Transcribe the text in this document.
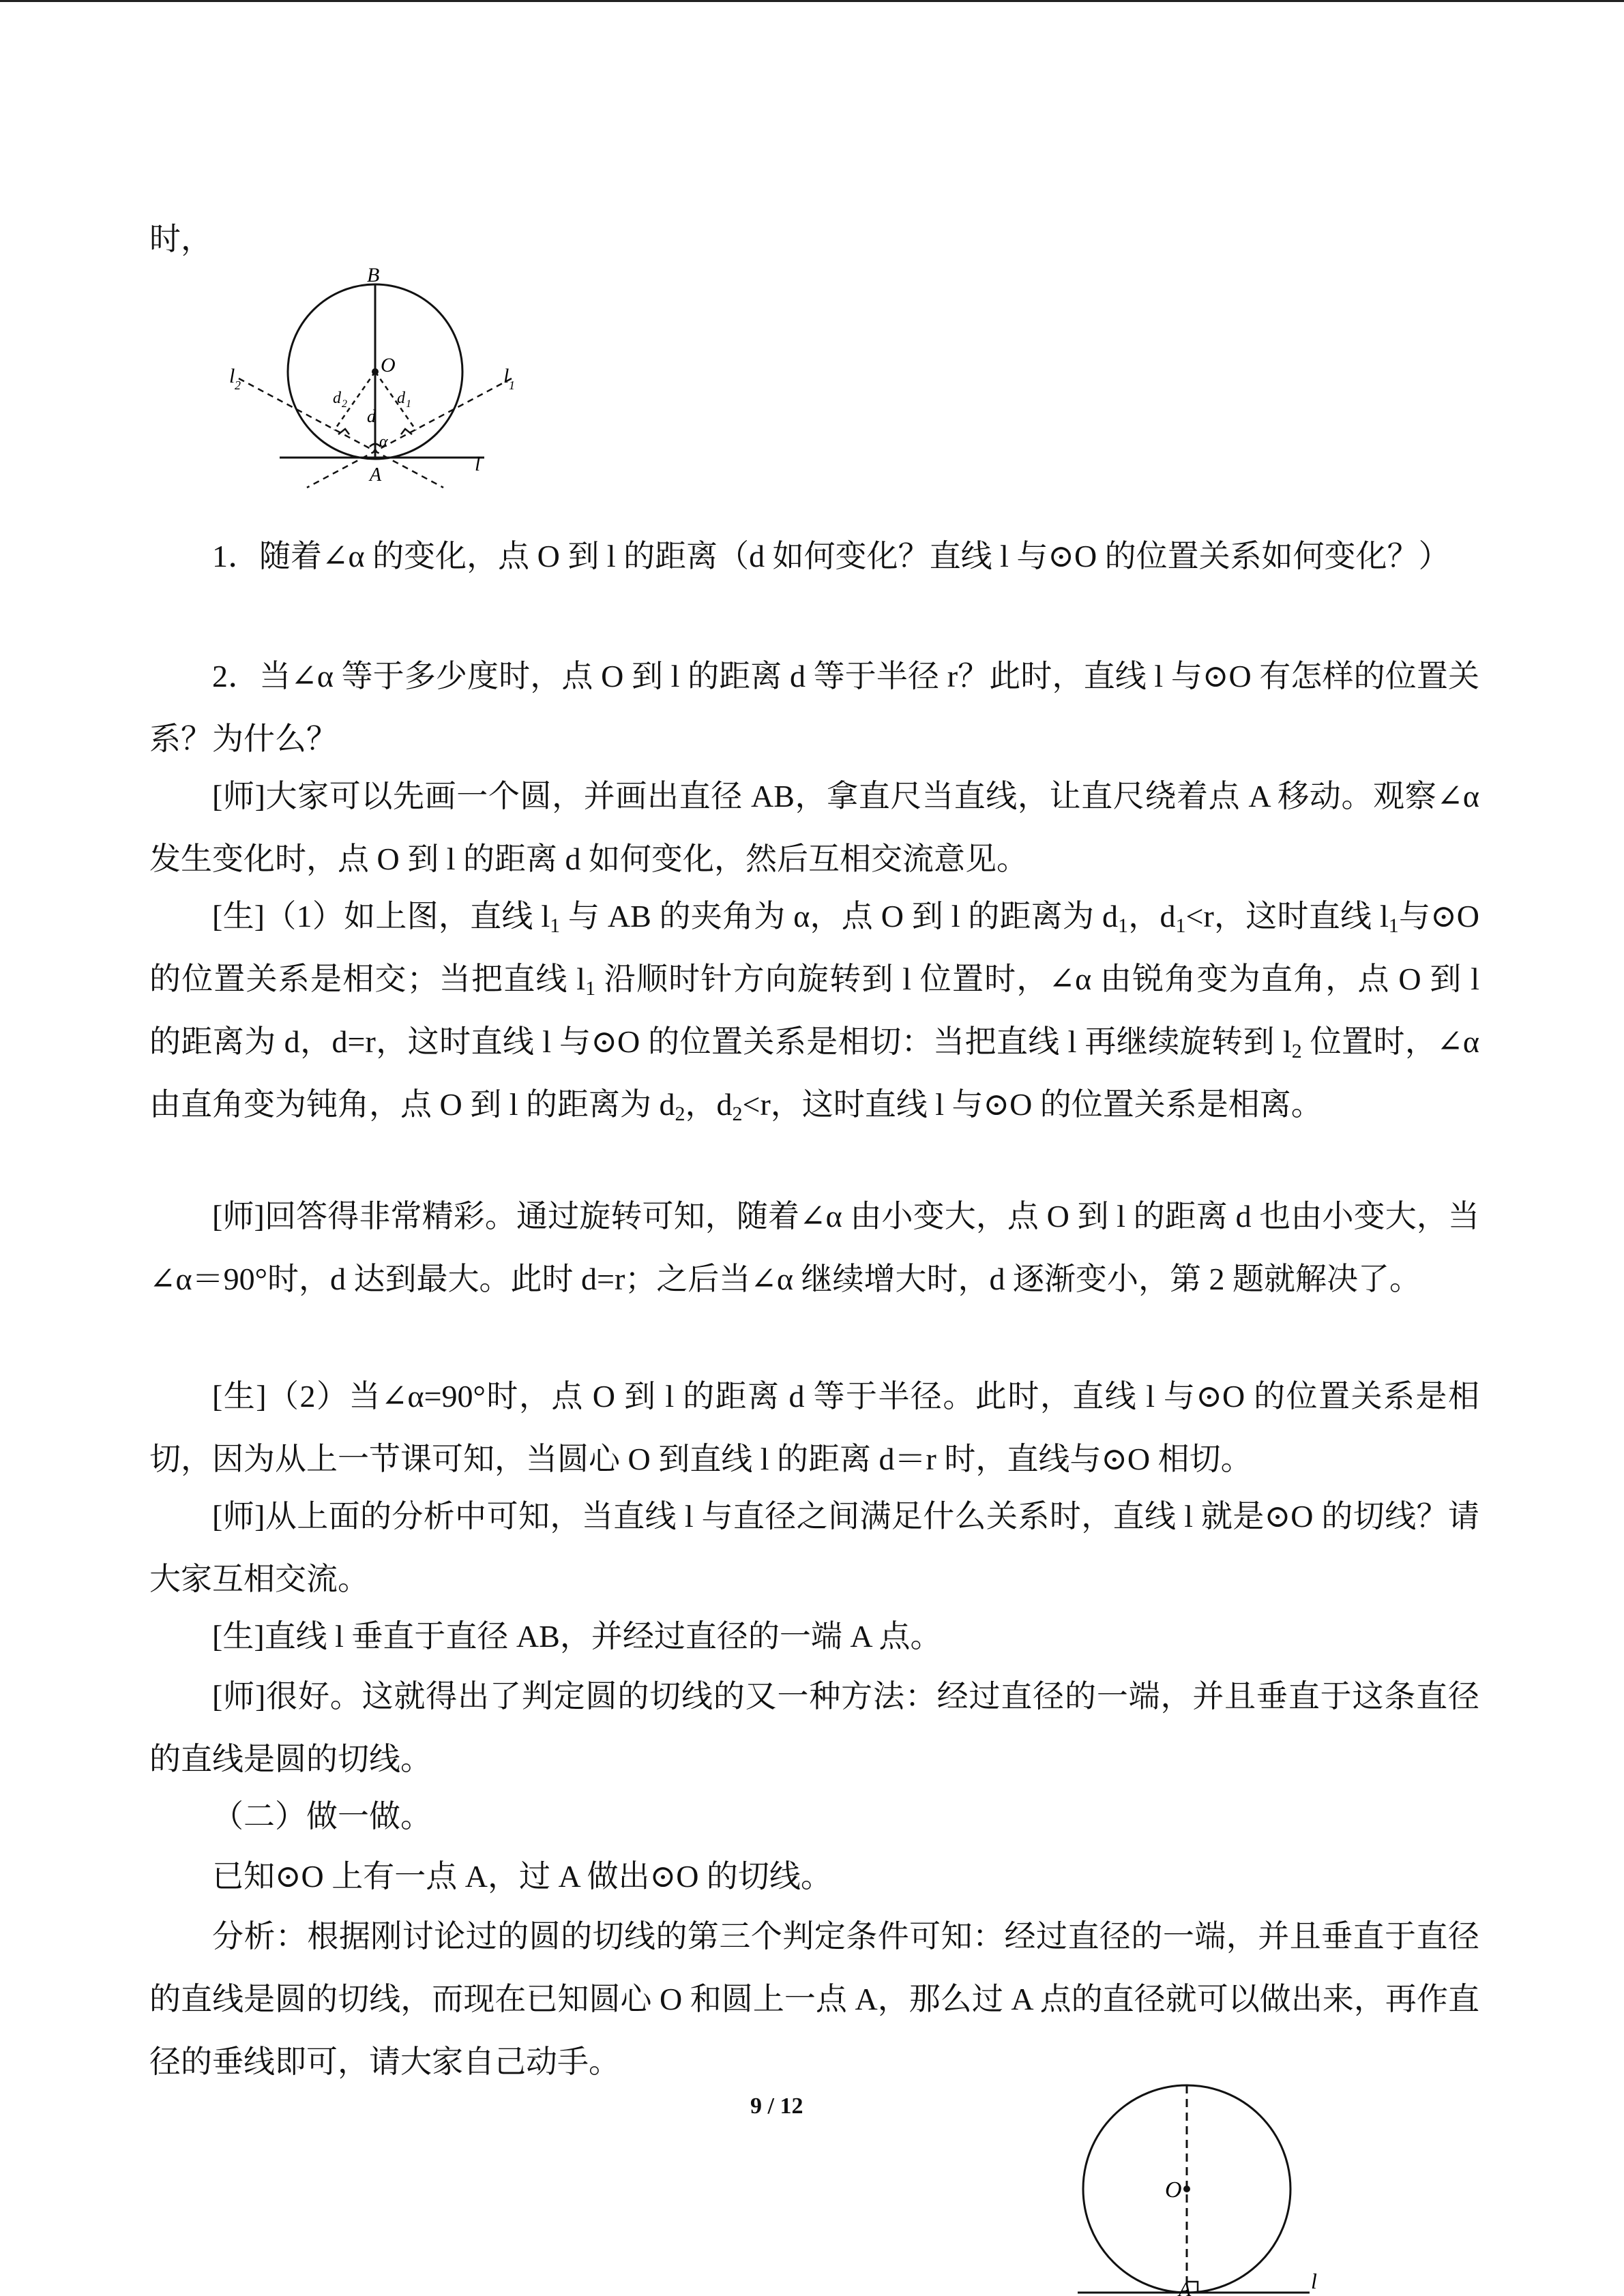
时，

B
O
A	l
l 1
l 2
d
d 1
d 2
α

1．随着∠α 的变化，点 O 到 l 的距离（d 如何变化？直线 l 与⊙O 的位置关系如何变化？）

2．当∠α 等于多少度时，点 O 到 l 的距离 d 等于半径 r？此时，直线 l 与⊙O 有怎样的位置关系？为什么？

[师]大家可以先画一个圆，并画出直径 AB，拿直尺当直线，让直尺绕着点 A 移动。观察∠α 发生变化时，点 O 到 l 的距离 d 如何变化，然后互相交流意见。

[生]（1）如上图，直线 $l_1$ 与 AB 的夹角为 α，点 O 到 l 的距离为 $d_1$，$d_1<r$，这时直线 $l_1$与⊙O 的位置关系是相交；当把直线 $l_1$ 沿顺时针方向旋转到 l 位置时，∠α 由锐角变为直角，点 O 到 l 的距离为 d，d=r，这时直线 l 与⊙O 的位置关系是相切：当把直线 l 再继续旋转到 $l_2$ 位置时，∠α 由直角变为钝角，点 O 到 l 的距离为 $d_2$，$d_2<r$，这时直线 l 与⊙O 的位置关系是相离。

[师]回答得非常精彩。通过旋转可知，随着∠α 由小变大，点 O 到 l 的距离 d 也由小变大，当∠α＝90°时，d 达到最大。此时 d=r；之后当∠α 继续增大时，d 逐渐变小，第 2 题就解决了。

[生]（2）当∠α=90°时，点 O 到 l 的距离 d 等于半径。此时，直线 l 与⊙O 的位置关系是相切，因为从上一节课可知，当圆心 O 到直线 l 的距离 d＝r 时，直线与⊙O 相切。

[师]从上面的分析中可知，当直线 l 与直径之间满足什么关系时，直线 l 就是⊙O 的切线？请大家互相交流。

[生]直线 l 垂直于直径 AB，并经过直径的一端 A 点。

[师]很好。这就得出了判定圆的切线的又一种方法：经过直径的一端，并且垂直于这条直径的直线是圆的切线。

（二）做一做。

已知⊙O 上有一点 A，过 A 做出⊙O 的切线。

分析：根据刚讨论过的圆的切线的第三个判定条件可知：经过直径的一端，并且垂直于直径的直线是圆的切线，而现在已知圆心 O 和圆上一点 A，那么过 A 点的直径就可以做出来，再作直径的垂线即可，请大家自己动手。

9 / 12
O
A	l
